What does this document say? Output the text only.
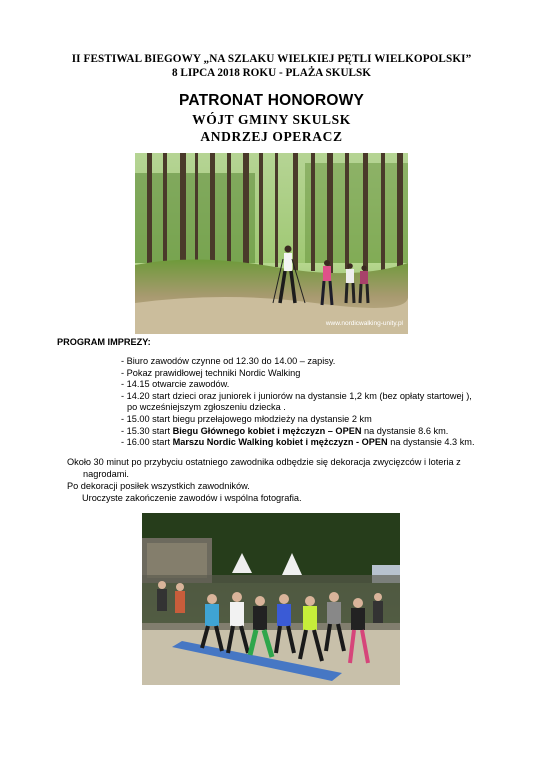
II FESTIWAL BIEGOWY „NA SZLAKU WIELKIEJ PĘTLI WIELKOPOLSKI”
8 LIPCA 2018 ROKU - PLAŻA SKULSK
PATRONAT HONOROWY
WÓJT GMINY SKULSK
ANDRZEJ OPERACZ
www.nordicwalking-unity.pl
PROGRAM IMPREZY:
- Biuro zawodów czynne od 12.30 do 14.00 – zapisy.
- Pokaz prawidłowej techniki Nordic Walking
- 14.15 otwarcie zawodów.
- 14.20 start dzieci oraz juniorek i juniorów na dystansie 1,2 km (bez opłaty startowej ),
po wcześniejszym zgłoszeniu dziecka .
- 15.00 start biegu przełajowego młodzieży na dystansie 2 km
- 15.30 start Biegu Głównego kobiet i mężczyzn – OPEN na dystansie 8.6 km.
- 16.00 start Marszu Nordic Walking kobiet i mężczyzn - OPEN na dystansie 4.3 km.
Około 30 minut po przybyciu ostatniego zawodnika odbędzie się dekoracja zwycięzców i loteria z
nagrodami.
Po dekoracji posiłek wszystkich zawodników.
Uroczyste zakończenie zawodów i wspólna fotografia.
